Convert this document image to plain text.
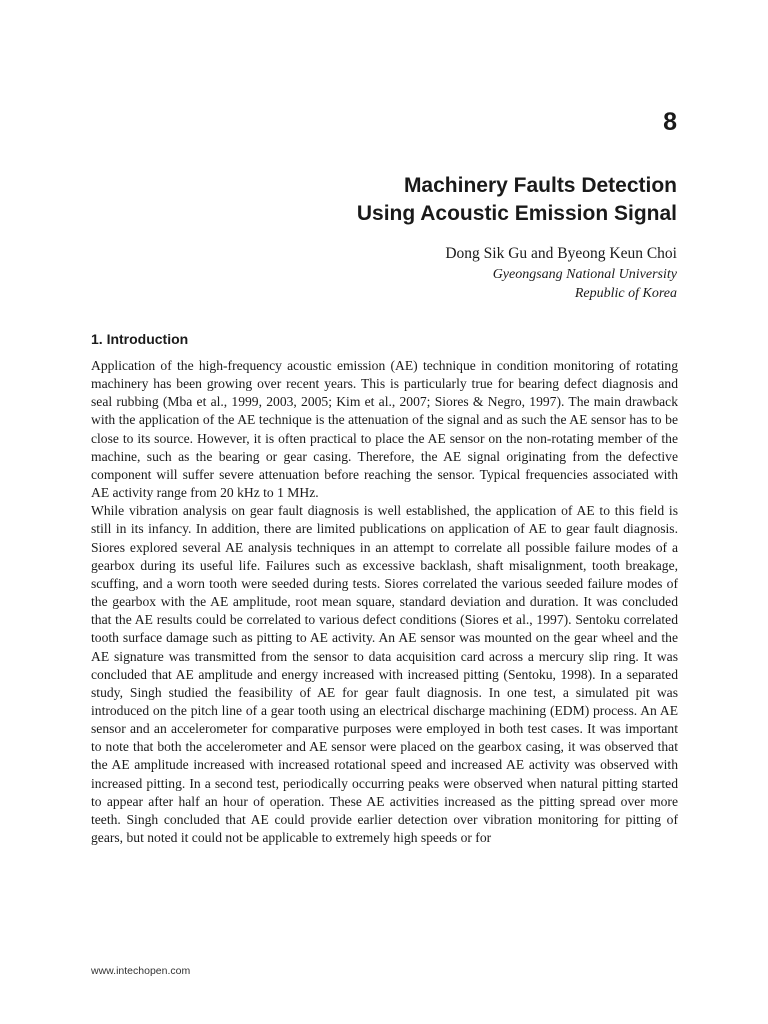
8
Machinery Faults Detection
Using Acoustic Emission Signal
Dong Sik Gu and Byeong Keun Choi
Gyeongsang National University
Republic of Korea
1. Introduction

Application of the high-frequency acoustic emission (AE) technique in condition monitoring of rotating machinery has been growing over recent years. This is particularly true for bearing defect diagnosis and seal rubbing (Mba et al., 1999, 2003, 2005; Kim et al., 2007; Siores & Negro, 1997). The main drawback with the application of the AE technique is the attenuation of the signal and as such the AE sensor has to be close to its source. However, it is often practical to place the AE sensor on the non-rotating member of the machine, such as the bearing or gear casing. Therefore, the AE signal originating from the defective component will suffer severe attenuation before reaching the sensor. Typical frequencies associated with AE activity range from 20 kHz to 1 MHz.

While vibration analysis on gear fault diagnosis is well established, the application of AE to this field is still in its infancy. In addition, there are limited publications on application of AE to gear fault diagnosis. Siores explored several AE analysis techniques in an attempt to correlate all possible failure modes of a gearbox during its useful life. Failures such as excessive backlash, shaft misalignment, tooth breakage, scuffing, and a worn tooth were seeded during tests. Siores correlated the various seeded failure modes of the gearbox with the AE amplitude, root mean square, standard deviation and duration. It was concluded that the AE results could be correlated to various defect conditions (Siores et al., 1997). Sentoku correlated tooth surface damage such as pitting to AE activity. An AE sensor was mounted on the gear wheel and the AE signature was transmitted from the sensor to data acquisition card across a mercury slip ring. It was concluded that AE amplitude and energy increased with increased pitting (Sentoku, 1998). In a separated study, Singh studied the feasibility of AE for gear fault diagnosis. In one test, a simulated pit was introduced on the pitch line of a gear tooth using an electrical discharge machining (EDM) process. An AE sensor and an accelerometer for comparative purposes were employed in both test cases. It was important to note that both the accelerometer and AE sensor were placed on the gearbox casing, it was observed that the AE amplitude increased with increased rotational speed and increased AE activity was observed with increased pitting. In a second test, periodically occurring peaks were observed when natural pitting started to appear after half an hour of operation. These AE activities increased as the pitting spread over more teeth. Singh concluded that AE could provide earlier detection over vibration monitoring for pitting of gears, but noted it could not be applicable to extremely high speeds or for

www.intechopen.com
